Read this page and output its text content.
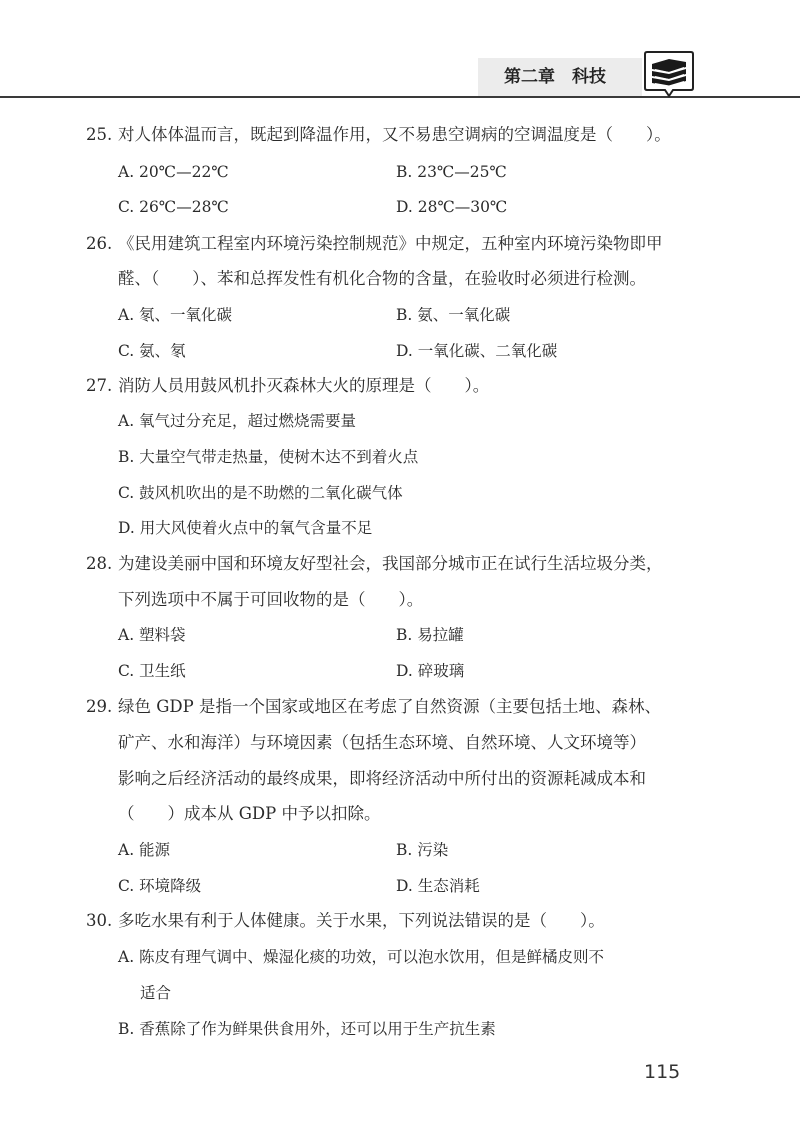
第二章　科技
25. 对人体体温而言，既起到降温作用，又不易患空调病的空调温度是（　　）。
A. 20℃—22℃	B. 23℃—25℃
C. 26℃—28℃	D. 28℃—30℃
26. 《民用建筑工程室内环境污染控制规范》中规定，五种室内环境污染物即甲
醛、（　　）、苯和总挥发性有机化合物的含量，在验收时必须进行检测。
A. 氡、一氧化碳	B. 氨、一氧化碳
C. 氨、氡	D. 一氧化碳、二氧化碳
27. 消防人员用鼓风机扑灭森林大火的原理是（　　）。
A. 氧气过分充足，超过燃烧需要量
B. 大量空气带走热量，使树木达不到着火点
C. 鼓风机吹出的是不助燃的二氧化碳气体
D. 用大风使着火点中的氧气含量不足
28. 为建设美丽中国和环境友好型社会，我国部分城市正在试行生活垃圾分类，
下列选项中不属于可回收物的是（　　）。
A. 塑料袋	B. 易拉罐
C. 卫生纸	D. 碎玻璃
29. 绿色 GDP 是指一个国家或地区在考虑了自然资源（主要包括土地、森林、
矿产、水和海洋）与环境因素（包括生态环境、自然环境、人文环境等）
影响之后经济活动的最终成果，即将经济活动中所付出的资源耗减成本和
（　　）成本从 GDP 中予以扣除。
A. 能源	B. 污染
C. 环境降级	D. 生态消耗
30. 多吃水果有利于人体健康。关于水果，下列说法错误的是（　　）。
A. 陈皮有理气调中、燥湿化痰的功效，可以泡水饮用，但是鲜橘皮则不
适合
B. 香蕉除了作为鲜果供食用外，还可以用于生产抗生素
115
